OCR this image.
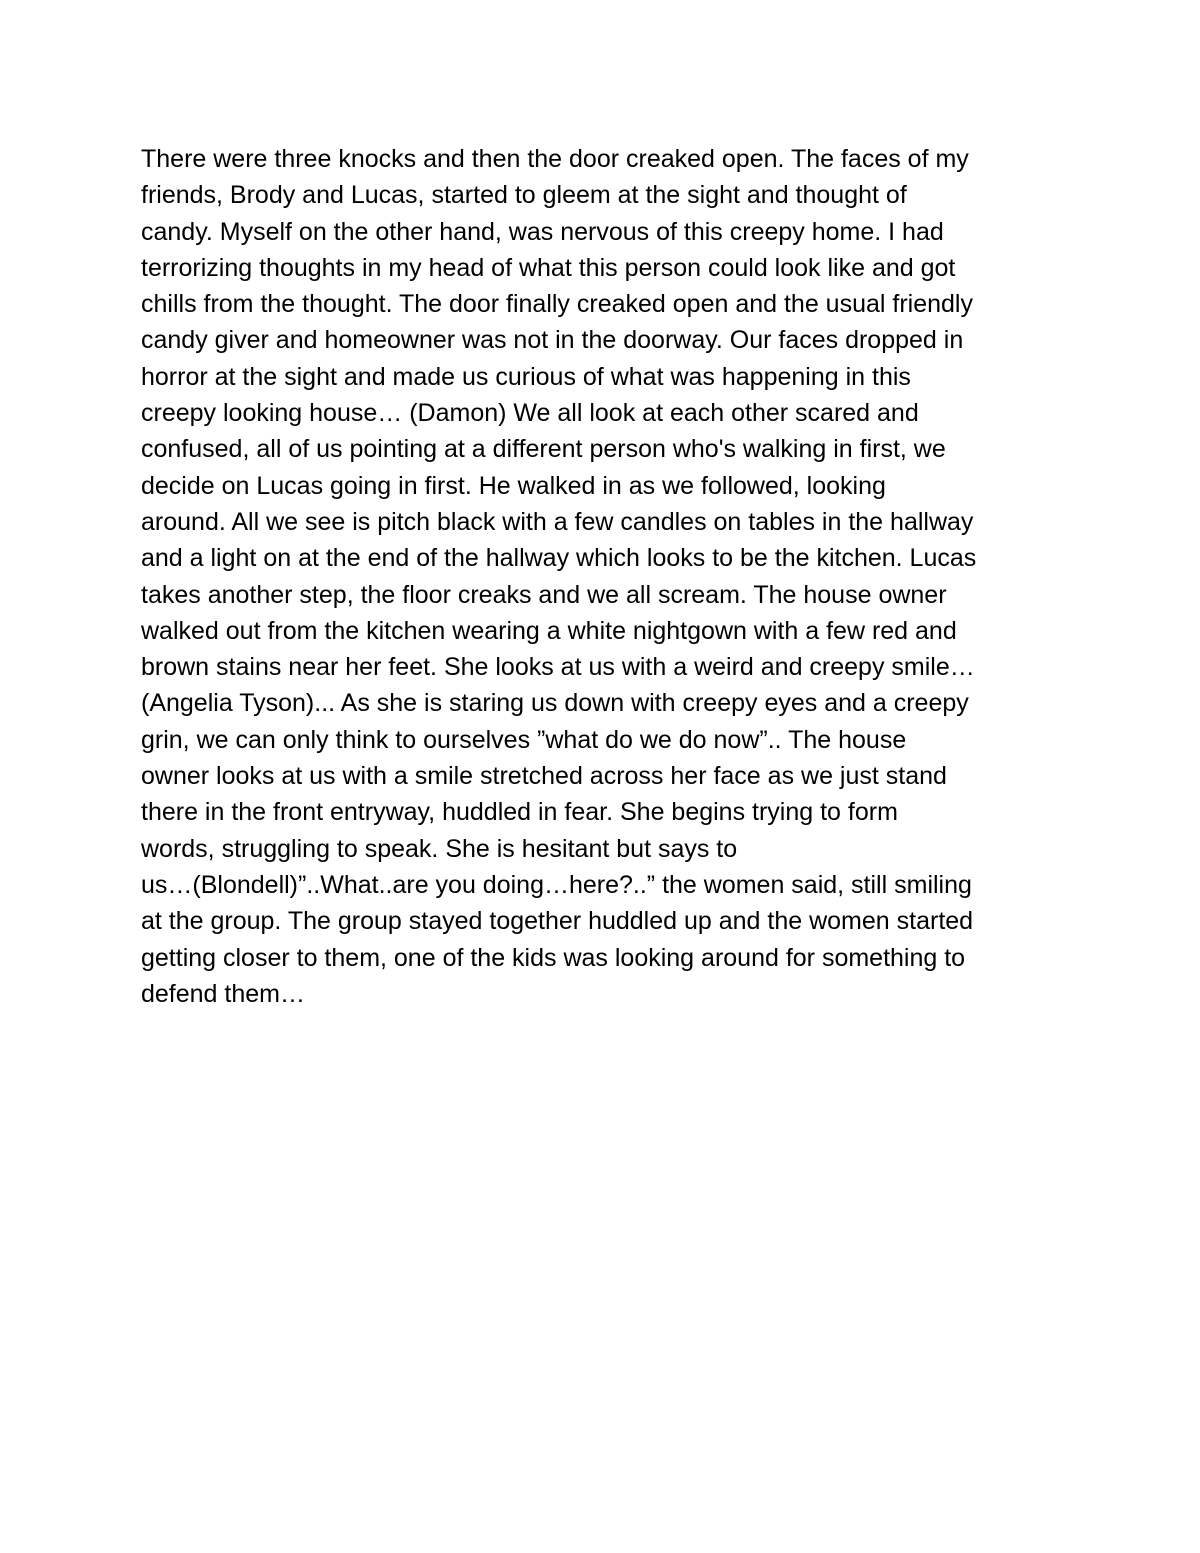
There were three knocks and then the door creaked open. The faces of my
friends, Brody and Lucas, started to gleem at the sight and thought of
candy. Myself on the other hand, was nervous of this creepy home. I had
terrorizing thoughts in my head of what this person could look like and got
chills from the thought. The door finally creaked open and the usual friendly
candy giver and homeowner was not in the doorway. Our faces dropped in
horror at the sight and made us curious of what was happening in this
creepy looking house… (Damon) We all look at each other scared and
confused, all of us pointing at a different person who's walking in first, we
decide on Lucas going in first. He walked in as we followed, looking
around. All we see is pitch black with a few candles on tables in the hallway
and a light on at the end of the hallway which looks to be the kitchen. Lucas
takes another step, the floor creaks and we all scream. The house owner
walked out from the kitchen wearing a white nightgown with a few red and
brown stains near her feet. She looks at us with a weird and creepy smile…
(Angelia Tyson)... As she is staring us down with creepy eyes and a creepy
grin, we can only think to ourselves ”what do we do now”.. The house
owner looks at us with a smile stretched across her face as we just stand
there in the front entryway, huddled in fear. She begins trying to form
words, struggling to speak. She is hesitant but says to
us…(Blondell)”..What..are you doing…here?..” the women said, still smiling
at the group. The group stayed together huddled up and the women started
getting closer to them, one of the kids was looking around for something to
defend them…
